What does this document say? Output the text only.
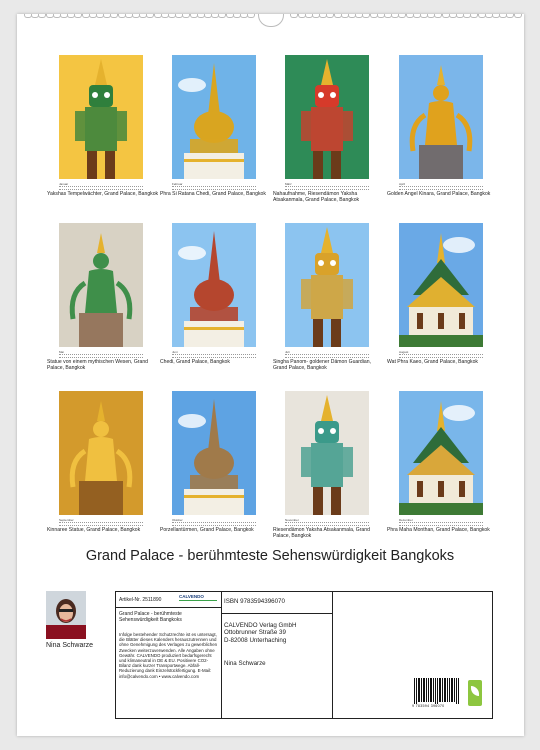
Januar
Yakshas Tempelwächter, Grand Palace, Bangkok
Februar
Phra Si Ratana Chedi, Grand Palace, Bangkok
März
Nahaufnahme, Riesendämon Yaksha Atsakanmala, Grand Palace, Bangkok
April
Golden Angel Kinara, Grand Palace, Bangkok
Mai
Statue von einem mythischen Wesen, Grand Palace, Bangkok
Juni
Chedi, Grand Palace, Bangkok
Juli
Singha Panom- goldener Dämon Guardian, Grand Palace, Bangkok
August
Wat Phra Kaeo, Grand Palace, Bangkok
September
Kinnaree Statue, Grand Palace, Bangkok
Oktober
Porzellantürmen, Grand Palace, Bangkok
November
Riesendämon Yaksha Atsakanmala, Grand Palace, Bangkok
Dezember
Phra Maha Monthan, Grand Palace, Bangkok
Grand Palace - berühmteste Sehenswürdigkeit Bangkoks
Nina Schwarze
Artikel-Nr. 2511890
CALVENDO
Grand Palace - berühmteste Sehenswürdigkeit Bangkoks
Infolge bestehender Schutzrechte ist es untersagt, die Blätter dieses Kalenders herauszutrennen und ohne Genehmigung des Verlages zu gewerblichen Zwecken weiterzuverwenden. Alle Angaben ohne Gewähr. CALVENDO produziert bedarfsgerecht und klimaneutral in DE & EU. Positivere CO2-Bilanz dank kurzer Transportwege. Abfall-Reduzierung dank Einzelstückfertigung. E-Mail: info@calvendo.com • www.calvendo.com
ISBN 9783594396070
CALVENDO Verlag GmbH
Ottobrunner Straße 39
D-82008 Unterhaching
Nina Schwarze
9 783594 396070
